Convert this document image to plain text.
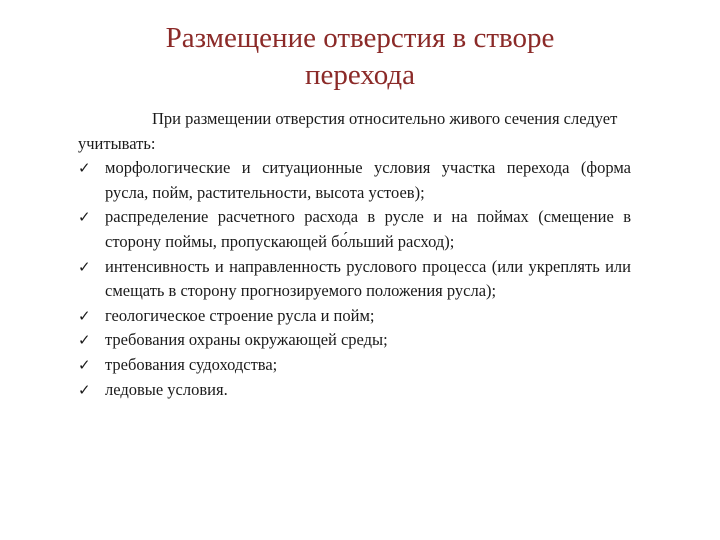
Размещение отверстия в створе
перехода

При размещении отверстия относительно живого сечения следует учитывать:

✓ морфологические и ситуационные условия участка перехода (форма русла, пойм, растительности, высота устоев);
✓ распределение расчетного расхода в русле и на поймах (смещение в сторону поймы, пропускающей бо́льший расход);
✓ интенсивность и направленность руслового процесса (или укреплять или смещать в сторону прогнозируемого положения русла);
✓ геологическое строение русла и пойм;
✓ требования охраны окружающей среды;
✓ требования судоходства;
✓ ледовые условия.
